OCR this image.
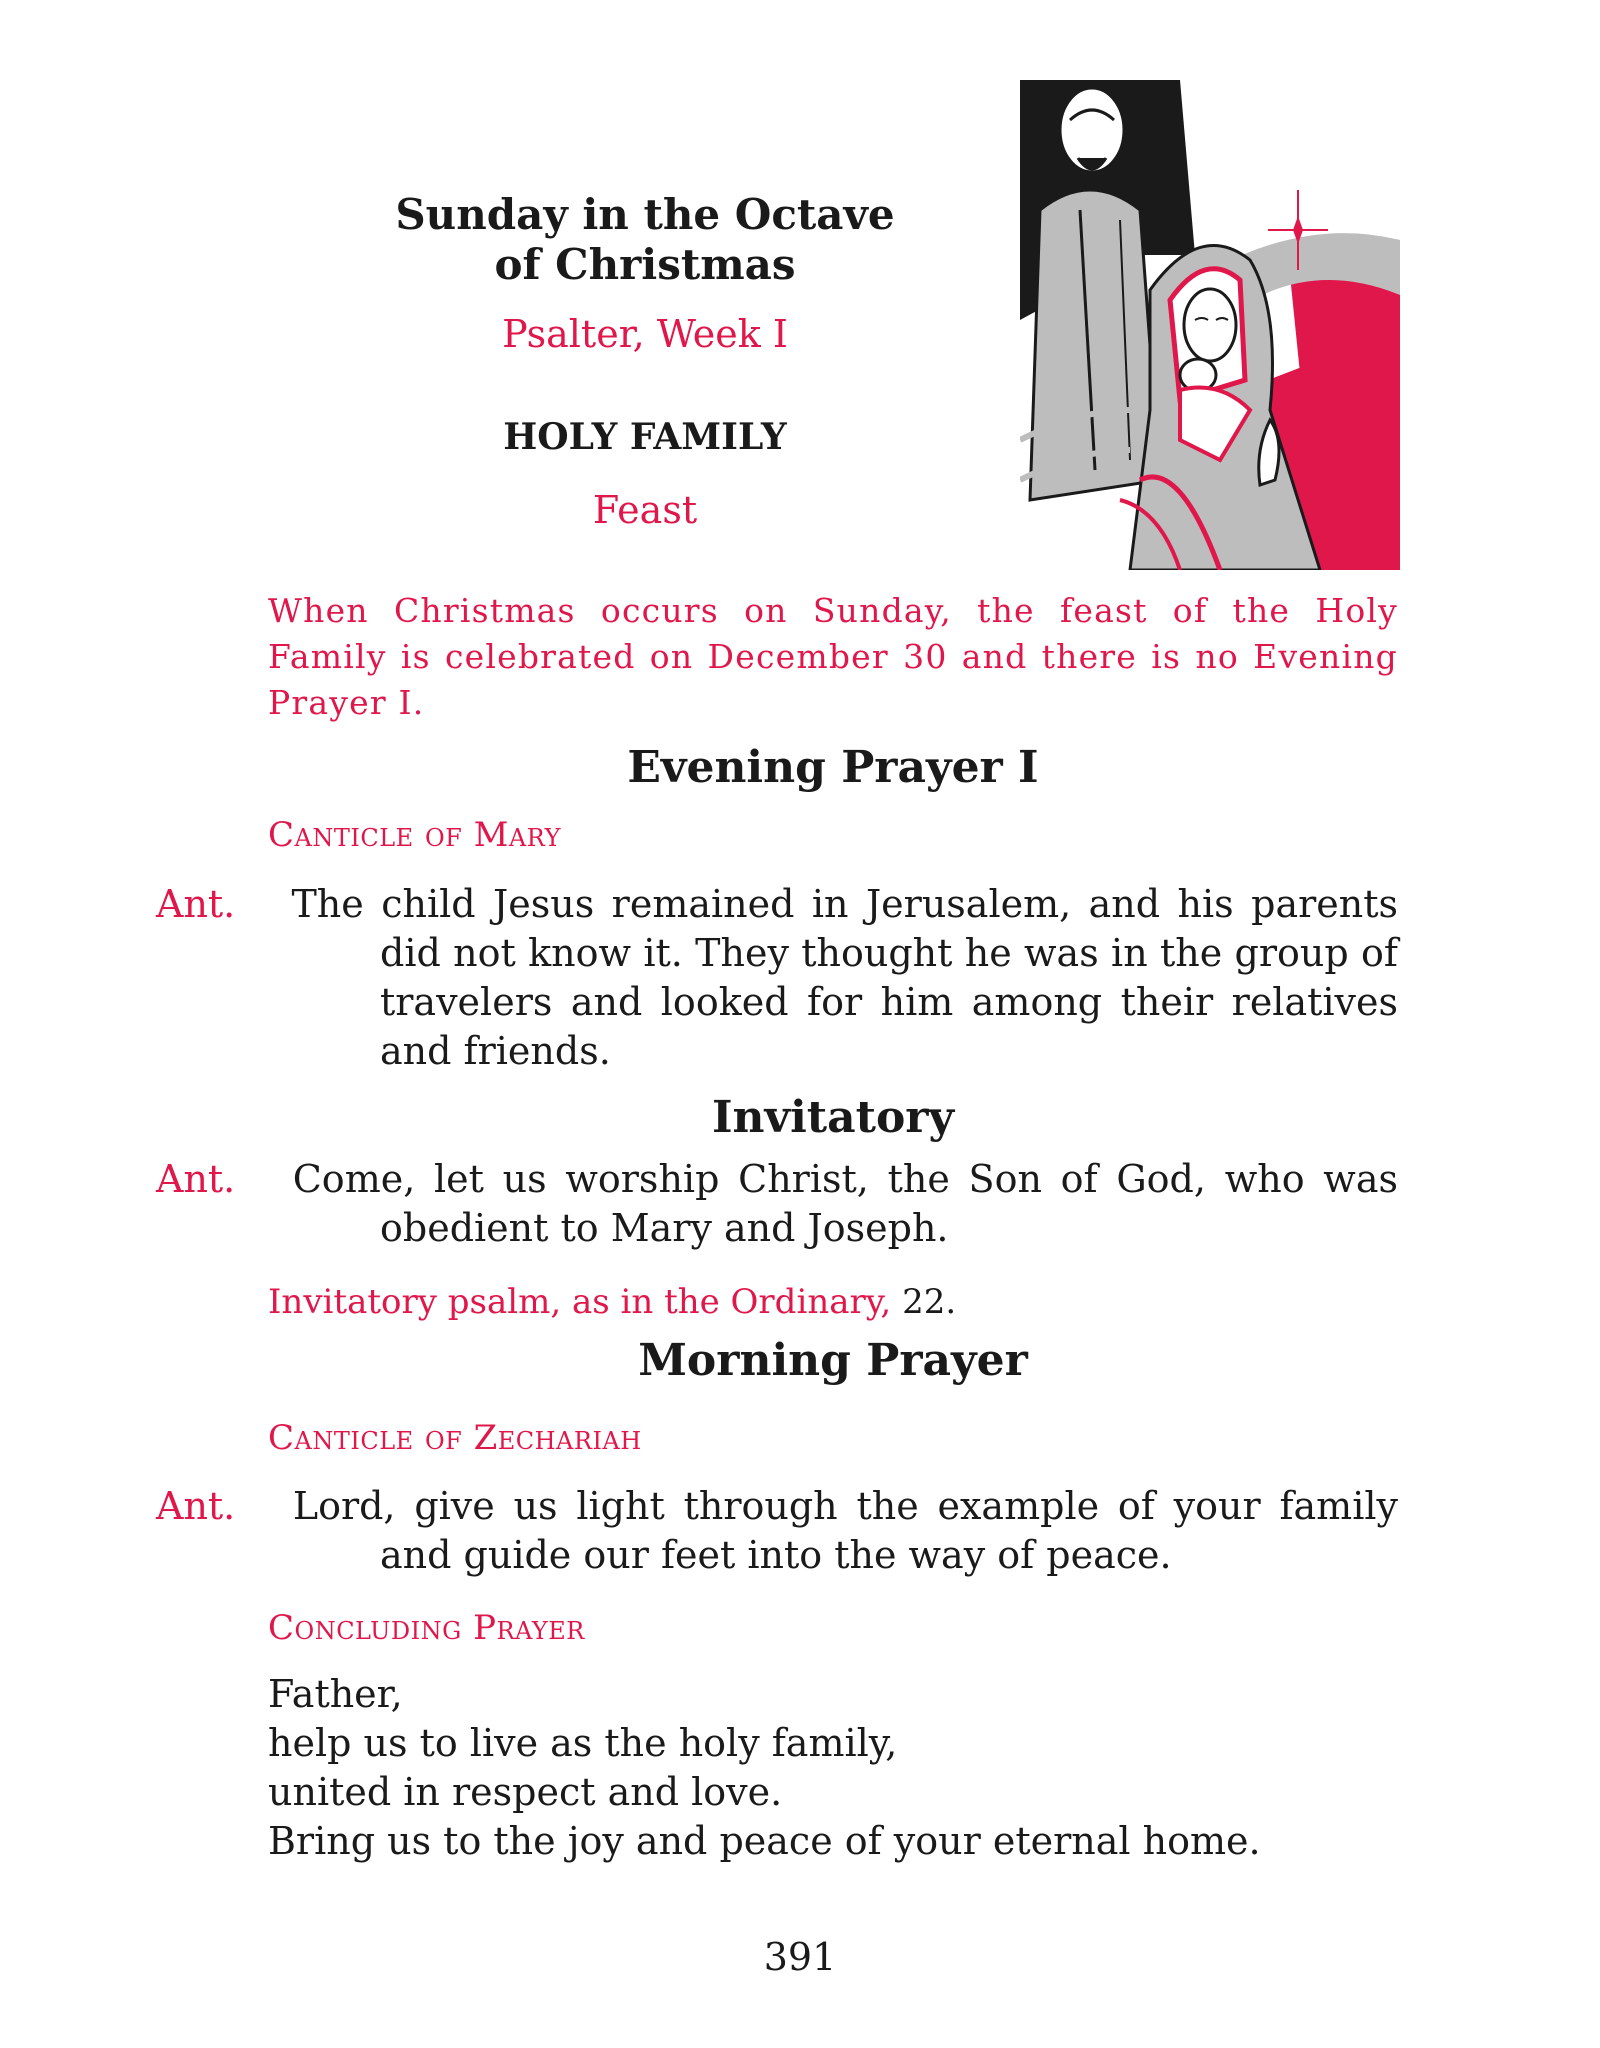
Sunday in the Octave
of Christmas
Psalter, Week I
HOLY FAMILY
Feast
When Christmas occurs on Sunday, the feast of the Holy Family is celebrated on December 30 and there is no Evening Prayer I.
Evening Prayer I
Canticle of Mary
Ant. The child Jesus remained in Jerusalem, and his parents did not know it. They thought he was in the group of travelers and looked for him among their relatives and friends.
Invitatory
Ant. Come, let us worship Christ, the Son of God, who was obedient to Mary and Joseph.
Invitatory psalm, as in the Ordinary, 22.
Morning Prayer
Canticle of Zechariah
Ant. Lord, give us light through the example of your family and guide our feet into the way of peace.
Concluding Prayer
Father,
help us to live as the holy family,
united in respect and love.
Bring us to the joy and peace of your eternal home.
391
